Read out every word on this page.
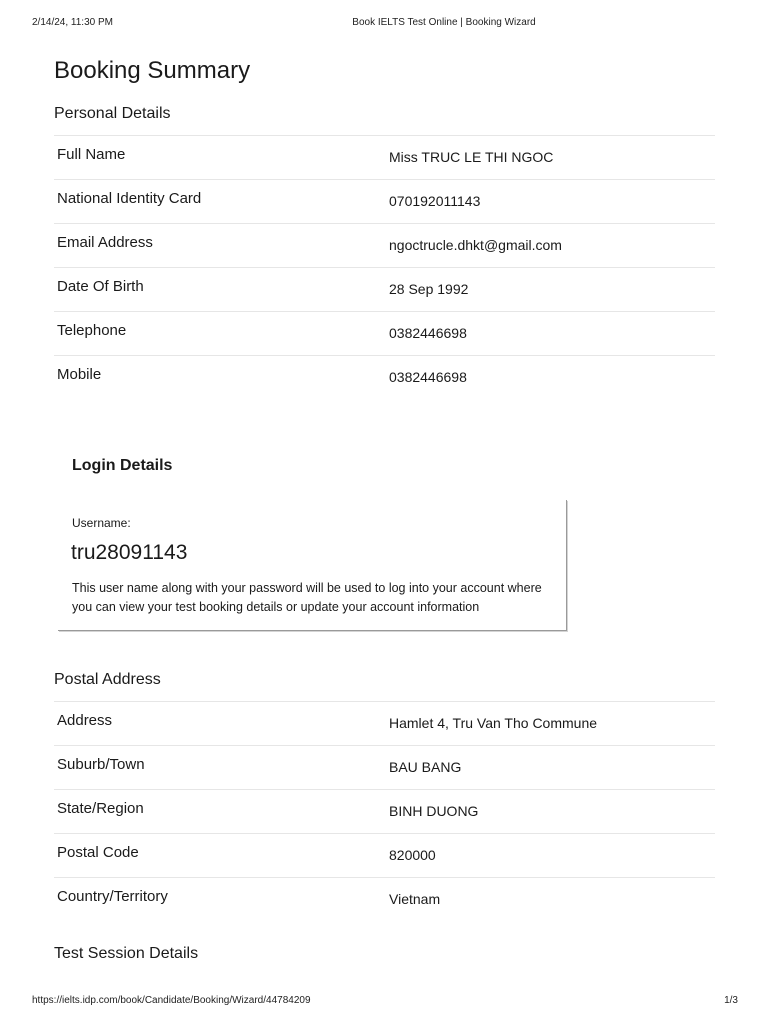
2/14/24, 11:30 PM	Book IELTS Test Online | Booking Wizard
Booking Summary
Personal Details
Full Name	Miss TRUC LE THI NGOC
National Identity Card	070192011143
Email Address	ngoctrucle.dhkt@gmail.com
Date Of Birth	28 Sep 1992
Telephone	0382446698
Mobile	0382446698
Login Details
Username:
tru28091143
This user name along with your password will be used to log into your account where you can view your test booking details or update your account information
Postal Address
Address	Hamlet 4, Tru Van Tho Commune
Suburb/Town	BAU BANG
State/Region	BINH DUONG
Postal Code	820000
Country/Territory	Vietnam
Test Session Details
https://ielts.idp.com/book/Candidate/Booking/Wizard/44784209	1/3
